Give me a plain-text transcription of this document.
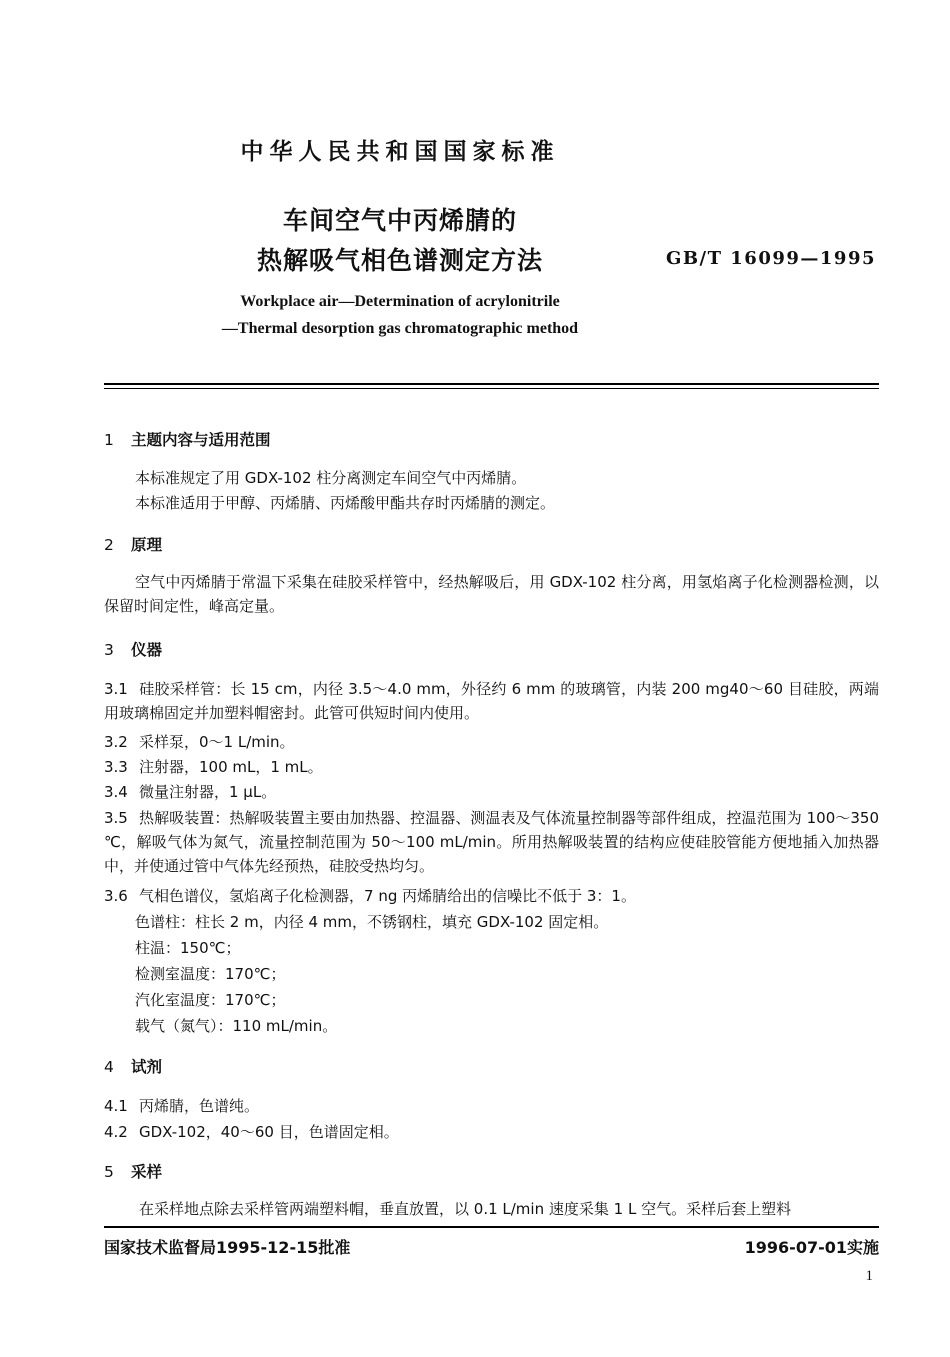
中华人民共和国国家标准
车间空气中丙烯腈的
热解吸气相色谱测定方法	GB/T 16099—1995
Workplace air—Determination of acrylonitrile
—Thermal desorption gas chromatographic method
1 主题内容与适用范围
本标准规定了用 GDX-102 柱分离测定车间空气中丙烯腈。
本标准适用于甲醇、丙烯腈、丙烯酸甲酯共存时丙烯腈的测定。
2 原理
空气中丙烯腈于常温下采集在硅胶采样管中，经热解吸后，用 GDX-102 柱分离，用氢焰离子化检测器检测，以保留时间定性，峰高定量。
3 仪器
3.1 硅胶采样管：长 15 cm，内径 3.5～4.0 mm，外径约 6 mm 的玻璃管，内装 200 mg40～60 目硅胶，两端用玻璃棉固定并加塑料帽密封。此管可供短时间内使用。
3.2 采样泵，0～1 L/min。
3.3 注射器，100 mL，1 mL。
3.4 微量注射器，1 μL。
3.5 热解吸装置：热解吸装置主要由加热器、控温器、测温表及气体流量控制器等部件组成，控温范围为 100～350 ℃，解吸气体为氮气，流量控制范围为 50～100 mL/min。所用热解吸装置的结构应使硅胶管能方便地插入加热器中，并使通过管中气体先经预热，硅胶受热均匀。
3.6 气相色谱仪，氢焰离子化检测器，7 ng 丙烯腈给出的信噪比不低于 3：1。
色谱柱：柱长 2 m，内径 4 mm，不锈钢柱，填充 GDX-102 固定相。
柱温：150℃；
检测室温度：170℃；
汽化室温度：170℃；
载气（氮气）：110 mL/min。
4 试剂
4.1 丙烯腈，色谱纯。
4.2 GDX-102，40～60 目，色谱固定相。
5 采样
在采样地点除去采样管两端塑料帽，垂直放置，以 0.1 L/min 速度采集 1 L 空气。采样后套上塑料
国家技术监督局1995-12-15批准	1996-07-01实施
1
